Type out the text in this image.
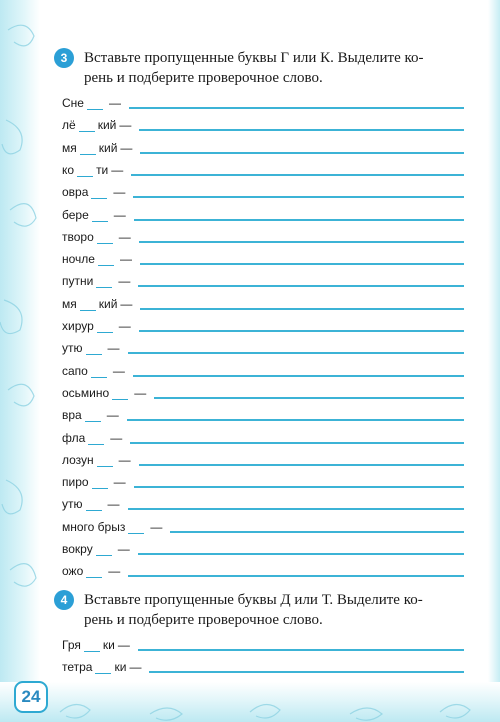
3	Вставьте пропущенные буквы Г или К. Выделите ко-
рень и подберите проверочное слово.
Сне —
лё кий —
мя кий —
ко ти —
овра —
бере —
творо —
ночле —
путни —
мя кий —
хирур —
утю —
сапо —
осьмино —
вра —
фла —
лозун —
пиро —
утю —
много брыз —
вокру —
ожо —
4	Вставьте пропущенные буквы Д или Т. Выделите ко-
рень и подберите проверочное слово.
Гря ки —
тетра ки —
24
